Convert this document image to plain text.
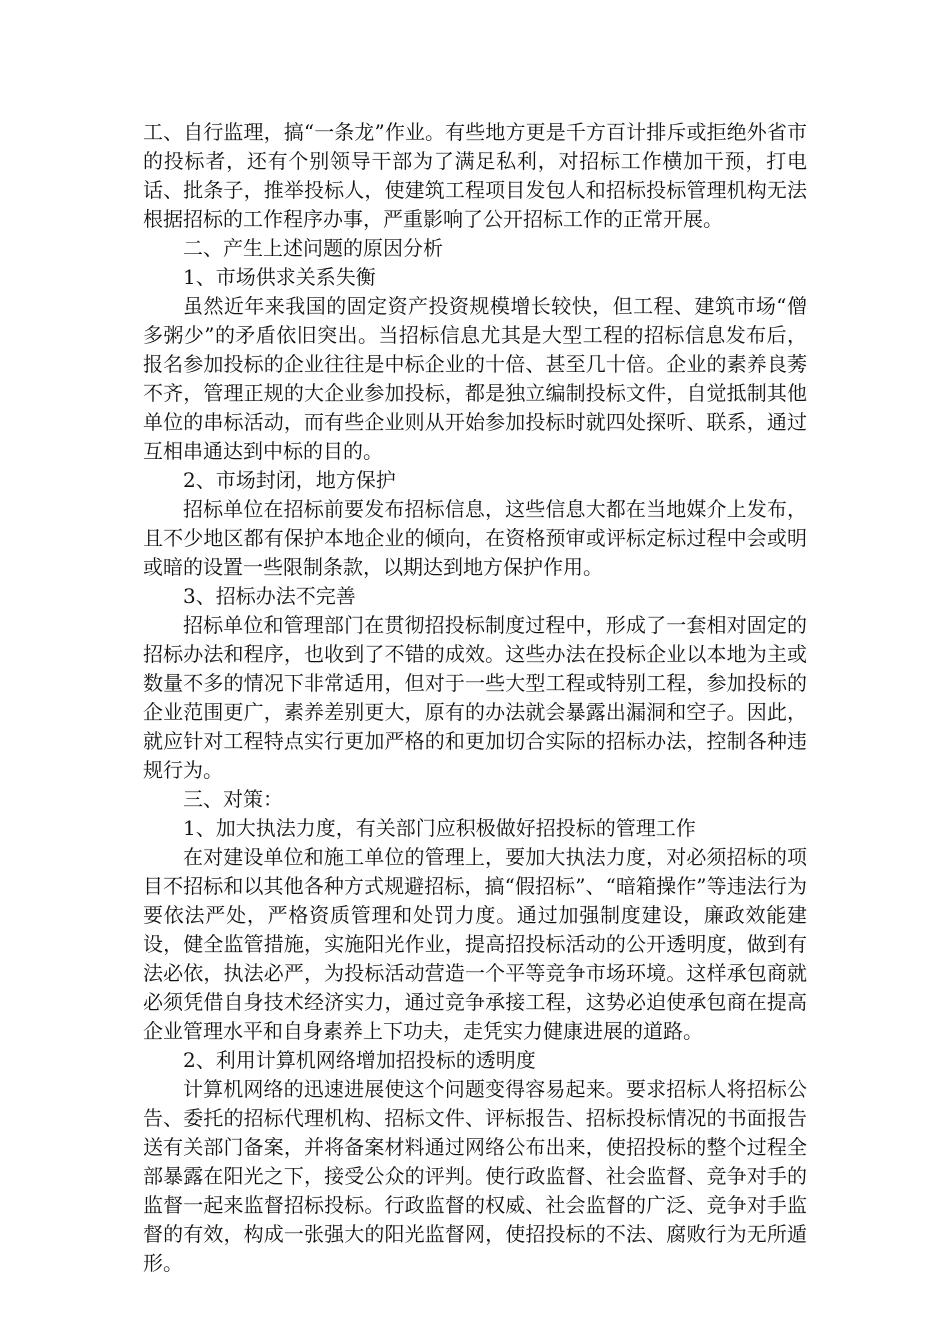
工、自行监理，搞“一条龙”作业。有些地方更是千方百计排斥或拒绝外省市的投标者，还有个别领导干部为了满足私利，对招标工作横加干预，打电话、批条子，推举投标人，使建筑工程项目发包人和招标投标管理机构无法根据招标的工作程序办事，严重影响了公开招标工作的正常开展。

二、产生上述问题的原因分析

1、市场供求关系失衡

虽然近年来我国的固定资产投资规模增长较快，但工程、建筑市场“僧多粥少”的矛盾依旧突出。当招标信息尤其是大型工程的招标信息发布后，报名参加投标的企业往往是中标企业的十倍、甚至几十倍。企业的素养良莠不齐，管理正规的大企业参加投标，都是独立编制投标文件，自觉抵制其他单位的串标活动，而有些企业则从开始参加投标时就四处探听、联系，通过互相串通达到中标的目的。

2、市场封闭，地方保护

招标单位在招标前要发布招标信息，这些信息大都在当地媒介上发布，且不少地区都有保护本地企业的倾向，在资格预审或评标定标过程中会或明或暗的设置一些限制条款，以期达到地方保护作用。

3、招标办法不完善

招标单位和管理部门在贯彻招投标制度过程中，形成了一套相对固定的招标办法和程序，也收到了不错的成效。这些办法在投标企业以本地为主或数量不多的情况下非常适用，但对于一些大型工程或特别工程，参加投标的企业范围更广，素养差别更大，原有的办法就会暴露出漏洞和空子。因此，就应针对工程特点实行更加严格的和更加切合实际的招标办法，控制各种违规行为。

三、对策：

1、加大执法力度，有关部门应积极做好招投标的管理工作

在对建设单位和施工单位的管理上，要加大执法力度，对必须招标的项目不招标和以其他各种方式规避招标，搞“假招标”、“暗箱操作”等违法行为要依法严处，严格资质管理和处罚力度。通过加强制度建设，廉政效能建设，健全监管措施，实施阳光作业，提高招投标活动的公开透明度，做到有法必依，执法必严，为投标活动营造一个平等竞争市场环境。这样承包商就必须凭借自身技术经济实力，通过竞争承接工程，这势必迫使承包商在提高企业管理水平和自身素养上下功夫，走凭实力健康进展的道路。

2、利用计算机网络增加招投标的透明度

计算机网络的迅速进展使这个问题变得容易起来。要求招标人将招标公告、委托的招标代理机构、招标文件、评标报告、招标投标情况的书面报告送有关部门备案，并将备案材料通过网络公布出来，使招投标的整个过程全部暴露在阳光之下，接受公众的评判。使行政监督、社会监督、竞争对手的监督一起来监督招标投标。行政监督的权威、社会监督的广泛、竞争对手监督的有效，构成一张强大的阳光监督网，使招投标的不法、腐败行为无所遁形。
